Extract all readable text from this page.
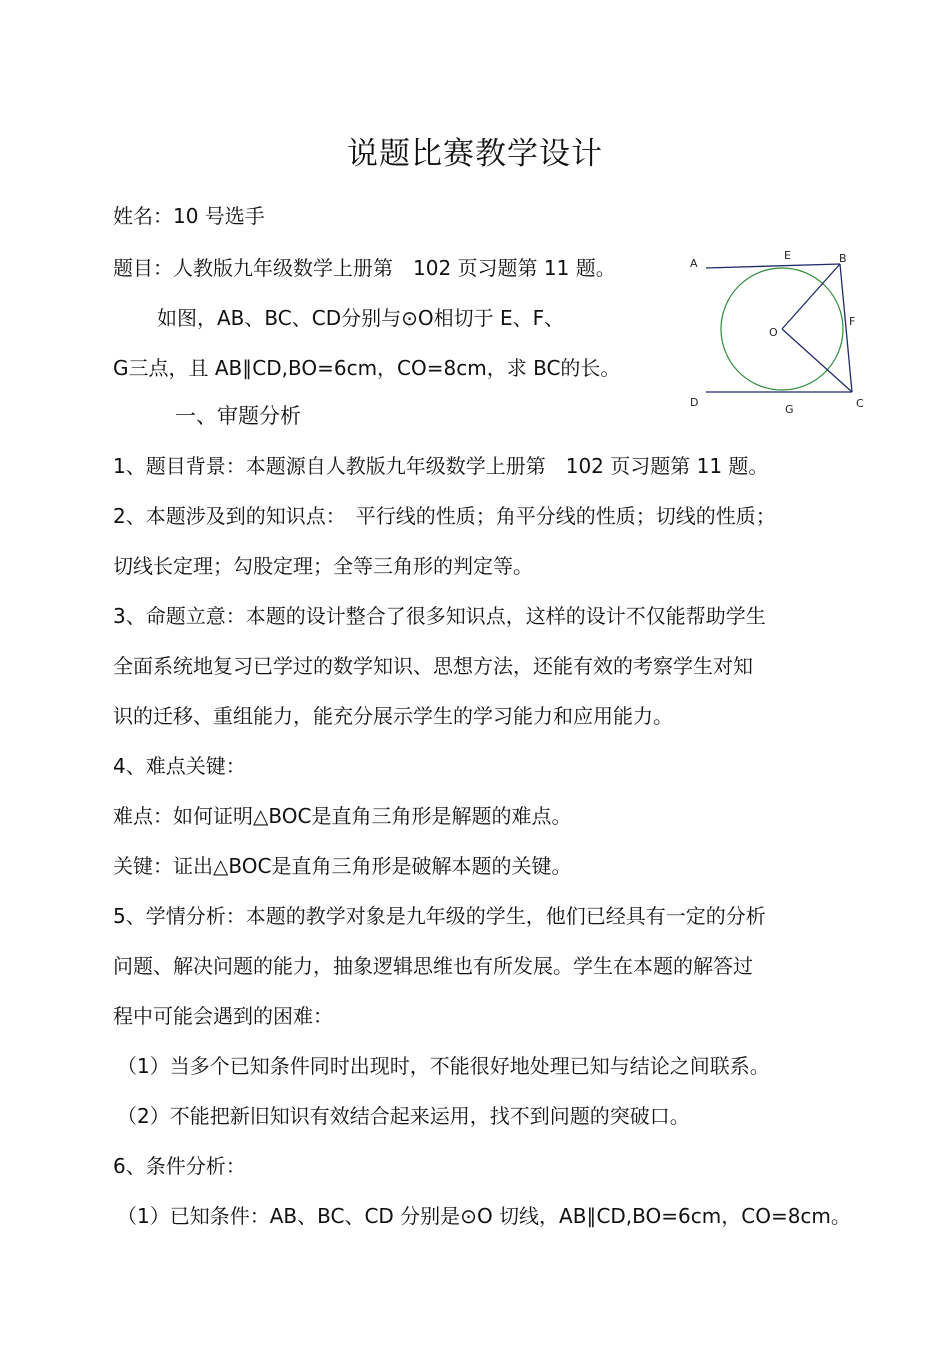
说题比赛教学设计
姓名：10 号选手
题目：人教版九年级数学上册第　102 页习题第 11 题。
如图，AB、BC、CD分别与⊙O相切于 E、F、
G三点，且 AB∥CD,BO=6cm，CO=8cm，求 BC的长。
一、审题分析
1、题目背景：本题源自人教版九年级数学上册第　102 页习题第 11 题。
2、本题涉及到的知识点：　平行线的性质；角平分线的性质；切线的性质；
切线长定理；勾股定理；全等三角形的判定等。
3、命题立意：本题的设计整合了很多知识点，这样的设计不仅能帮助学生
全面系统地复习已学过的数学知识、思想方法，还能有效的考察学生对知
识的迁移、重组能力，能充分展示学生的学习能力和应用能力。
4、难点关键：
难点：如何证明△BOC是直角三角形是解题的难点。
关键：证出△BOC是直角三角形是破解本题的关键。
5、学情分析：本题的教学对象是九年级的学生，他们已经具有一定的分析
问题、解决问题的能力，抽象逻辑思维也有所发展。学生在本题的解答过
程中可能会遇到的困难：
（1）当多个已知条件同时出现时，不能很好地处理已知与结论之间联系。
（2）不能把新旧知识有效结合起来运用，找不到问题的突破口。
6、条件分析：
（1）已知条件：AB、BC、CD 分别是⊙O 切线，AB∥CD,BO=6cm，CO=8cm。
A
E	B
O
F
D
G	C
